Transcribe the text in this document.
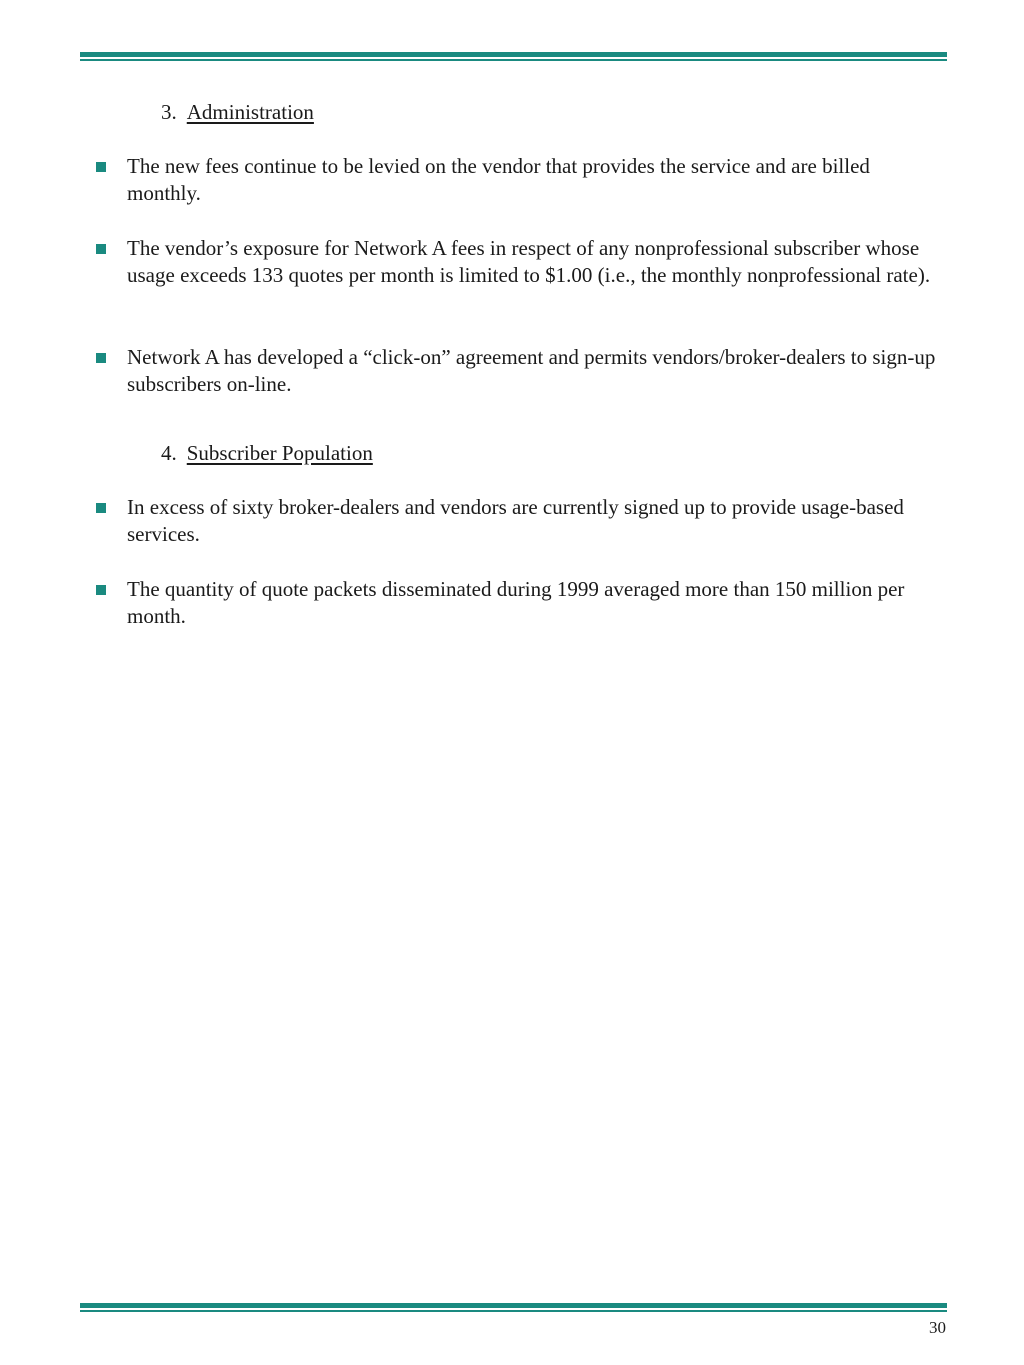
3. Administration
The new fees continue to be levied on the vendor that provides the service and are billed monthly.
The vendor’s exposure for Network A fees in respect of any nonprofessional subscriber whose usage exceeds 133 quotes per month is limited to $1.00 (i.e., the monthly nonprofessional rate).
Network A has developed a “click-on” agreement and permits vendors/broker-dealers to sign-up subscribers on-line.
4. Subscriber Population
In excess of sixty broker-dealers and vendors are currently signed up to provide usage-based services.
The quantity of quote packets disseminated during 1999 averaged more than 150 million per month.
30
